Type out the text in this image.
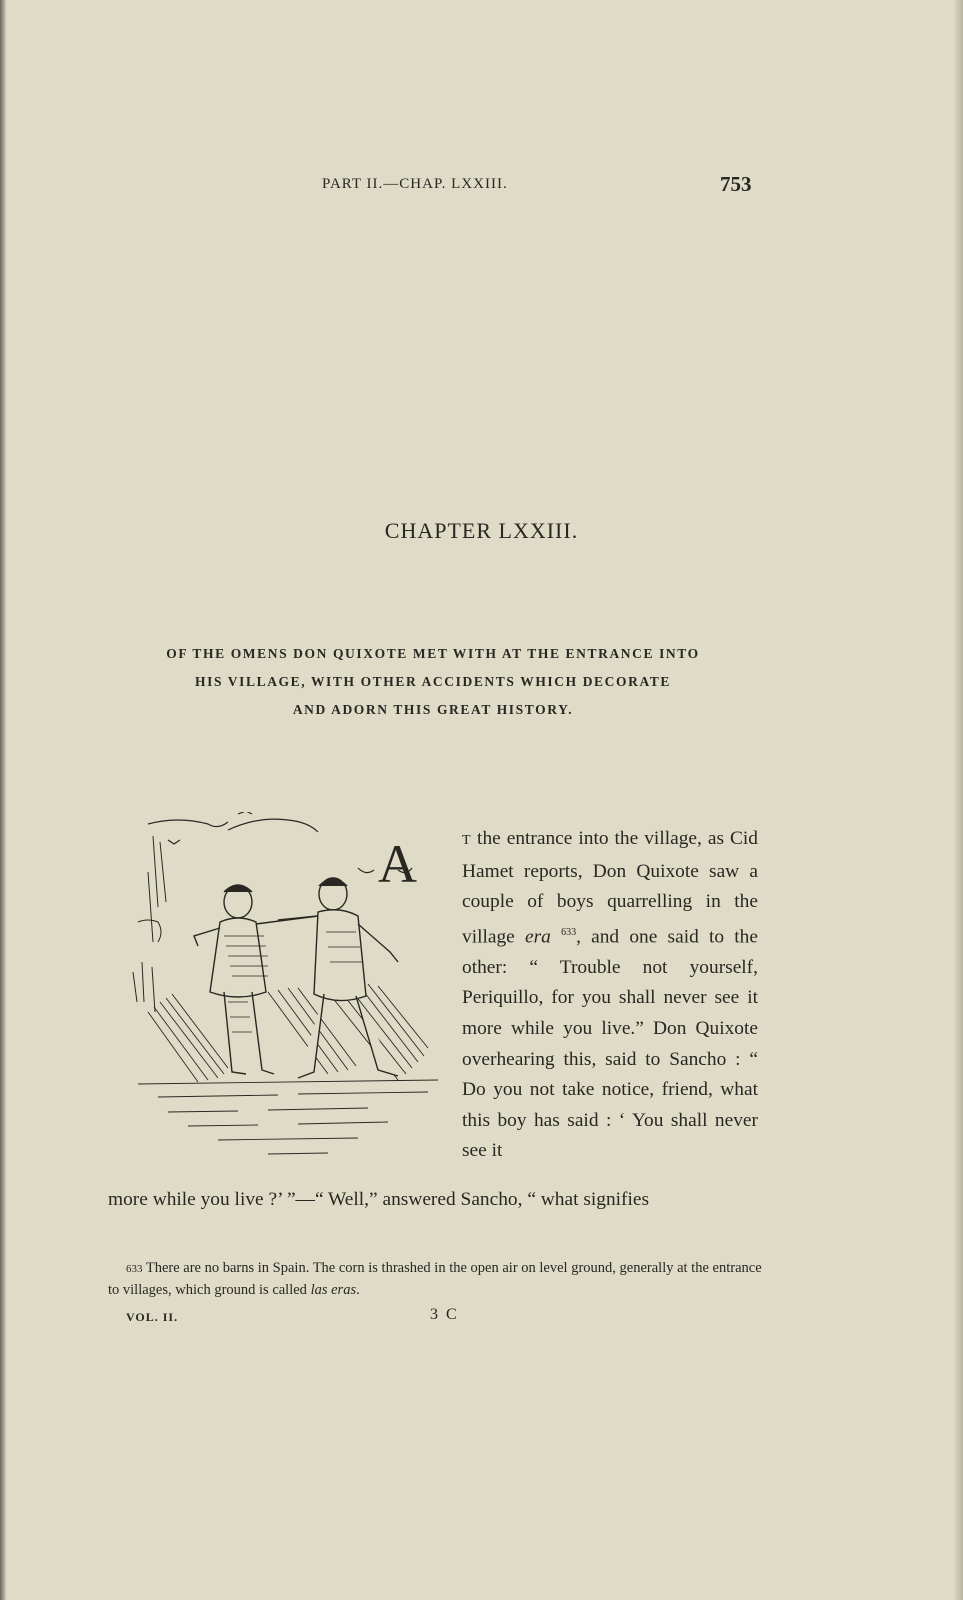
PART II.—CHAP. LXXIII.	753
CHAPTER LXXIII.
OF THE OMENS DON QUIXOTE MET WITH AT THE ENTRANCE INTO
HIS VILLAGE, WITH OTHER ACCIDENTS WHICH DECORATE
AND ADORN THIS GREAT HISTORY.
A	T the entrance into the village, as Cid Hamet reports, Don Quixote saw a couple of boys quarrelling in the village era $^{633}$, and one said to the other: “ Trouble not yourself, Periquillo, for you shall never see it more while you live.” Don Quixote overhearing this, said to Sancho : “ Do you not take notice, friend, what this boy has said : ‘ You shall never see it

more while you live ?’ ”—“ Well,” answered Sancho, “ what signifies
633 There are no barns in Spain. The corn is thrashed in the open air on level ground, generally at the entrance to villages, which ground is called las eras.
VOL. II.	3 C
